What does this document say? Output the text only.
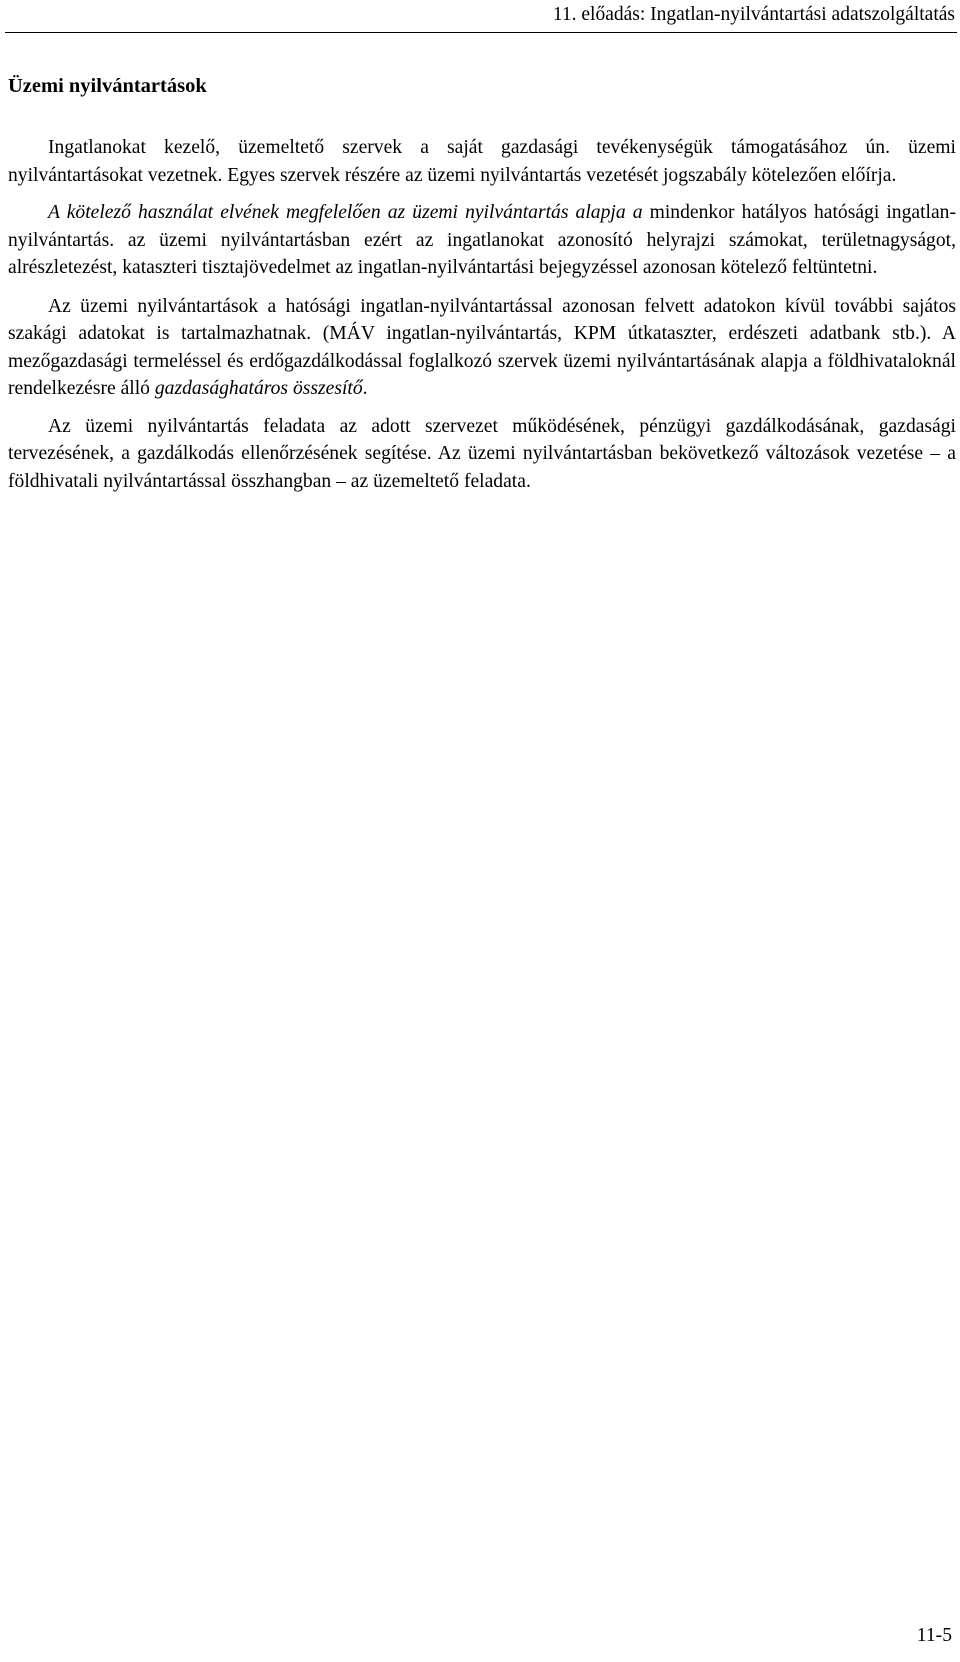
11. előadás: Ingatlan-nyilvántartási adatszolgáltatás
Üzemi nyilvántartások

Ingatlanokat kezelő, üzemeltető szervek a saját gazdasági tevékenységük támogatásához ún. üzemi nyilvántartásokat vezetnek. Egyes szervek részére az üzemi nyilvántartás vezetését jogszabály kötelezően előírja.

A kötelező használat elvének megfelelően az üzemi nyilvántartás alapja a mindenkor hatályos hatósági ingatlan-nyilvántartás. az üzemi nyilvántartásban ezért az ingatlanokat azonosító helyrajzi számokat, területnagyságot, alrészletezést, kataszteri tisztajövedelmet az ingatlan-nyilvántartási bejegyzéssel azonosan kötelező feltüntetni.

Az üzemi nyilvántartások a hatósági ingatlan-nyilvántartással azonosan felvett adatokon kívül további sajátos szakági adatokat is tartalmazhatnak. (MÁV ingatlan-nyilvántartás, KPM útkataszter, erdészeti adatbank stb.). A mezőgazdasági termeléssel és erdőgazdálkodással foglalkozó szervek üzemi nyilvántartásának alapja a földhivataloknál rendelkezésre álló gazdasághatáros összesítő.

Az üzemi nyilvántartás feladata az adott szervezet működésének, pénzügyi gazdálkodásának, gazdasági tervezésének, a gazdálkodás ellenőrzésének segítése. Az üzemi nyilvántartásban bekövetkező változások vezetése – a földhivatali nyilvántartással összhangban – az üzemeltető feladata.

11-5
